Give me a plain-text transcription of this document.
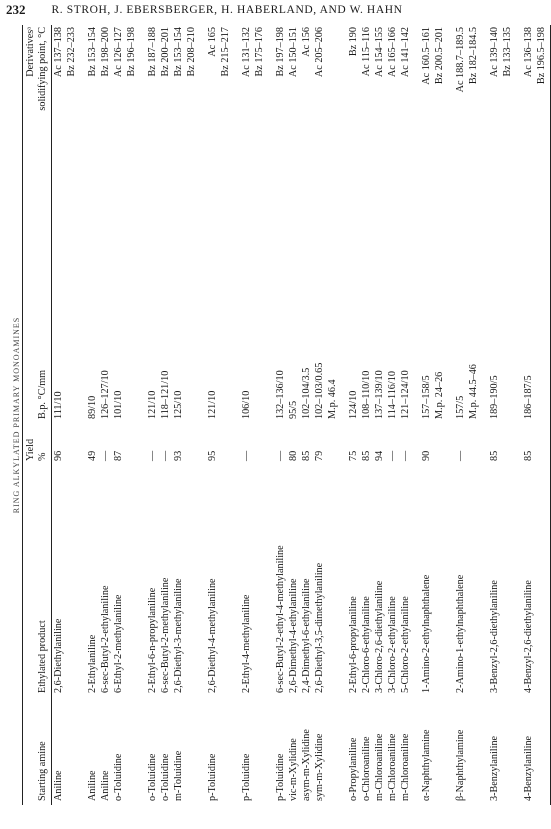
232 R. STROH, J. EBERSBERGER, H. HABERLAND, AND W. HAHN
RING ALKYLATED PRIMARY MONOAMINES

		Yield		Derivativesᵃ
Starting amine	Ethylated product	%	B.p. °C/mm	solidifying point, °C
Aniline	2,6-Diethylaniline	96	111/10	Ac 137–138
				Bz 232–233
Aniline	2-Ethylaniline	49	89/10	Bz 153–154
Aniline	6-sec-Butyl-2-ethylaniline	—	126–127/10	Bz 198–200
o-Toluidine	6-Ethyl-2-methylaniline	87	101/10	Ac 126–127
				Bz 196–198
o-Toluidine	2-Ethyl-6-n-propylaniline	—	121/10	Bz 187–188
o-Toluidine	6-sec-Butyl-2-methylaniline	—	118–121/10	Bz 200–201
m-Toluidine	2,6-Diethyl-3-methylaniline	93	125/10	Bz 153–154
				Bz 208–210
p-Toluidine	2,6-Diethyl-4-methylaniline	95	121/10	Ac 165
				Bz 215–217
p-Toluidine	2-Ethyl-4-methylaniline	—	106/10	Ac 131–132
				Bz 175–176
p-Toluidine	6-sec-Butyl-2-ethyl-4-methylaniline	—	132–136/10	Bz 197–198
vic-m-Xylidine	2,6-Dimethyl-4-ethylaniline	80	95/5	Ac 150–151
asym-m-Xylidine	2,4-Dimethyl-6-ethylaniline	85	102–104/3.5	Ac 156
sym-m-Xylidine	2,6-Diethyl-3,5-dimethylaniline	79	102–103/0.65	Ac 205–206
			M.p. 46.4	
o-Propylaniline	2-Ethyl-6-propylaniline	75	124/10	Bz 190
o-Chloroaniline	2-Chloro-6-ethylaniline	85	108–110/10	Ac 115–116
m-Chloroaniline	3-Chloro-2,6-diethylaniline	94	137–139/10	Ac 154–155
m-Chloroaniline	3-Chloro-2-ethylaniline	—	114–116/10	Ac 165–166
m-Chloroaniline	5-Chloro-2-ethylaniline	—	121–124/10	Ac 141–142
α-Naphthylamine	1-Amino-2-ethylnaphthalene	90	157–158/5	Ac 160.5–161
			M.p. 24–26	Bz 200.5–201
β-Naphthylamine	2-Amino-1-ethylnaphthalene	—	157/5	Ac 188.7–189.5
			M.p. 44.5–46	Bz 182–184.5
3-Benzylaniline	3-Benzyl-2,6-diethylaniline	85	189–190/5	Ac 139–140
				Bz 133–135
4-Benzylaniline	4-Benzyl-2,6-diethylaniline	85	186–187/5	Ac 136–138
				Bz 196.5–198
